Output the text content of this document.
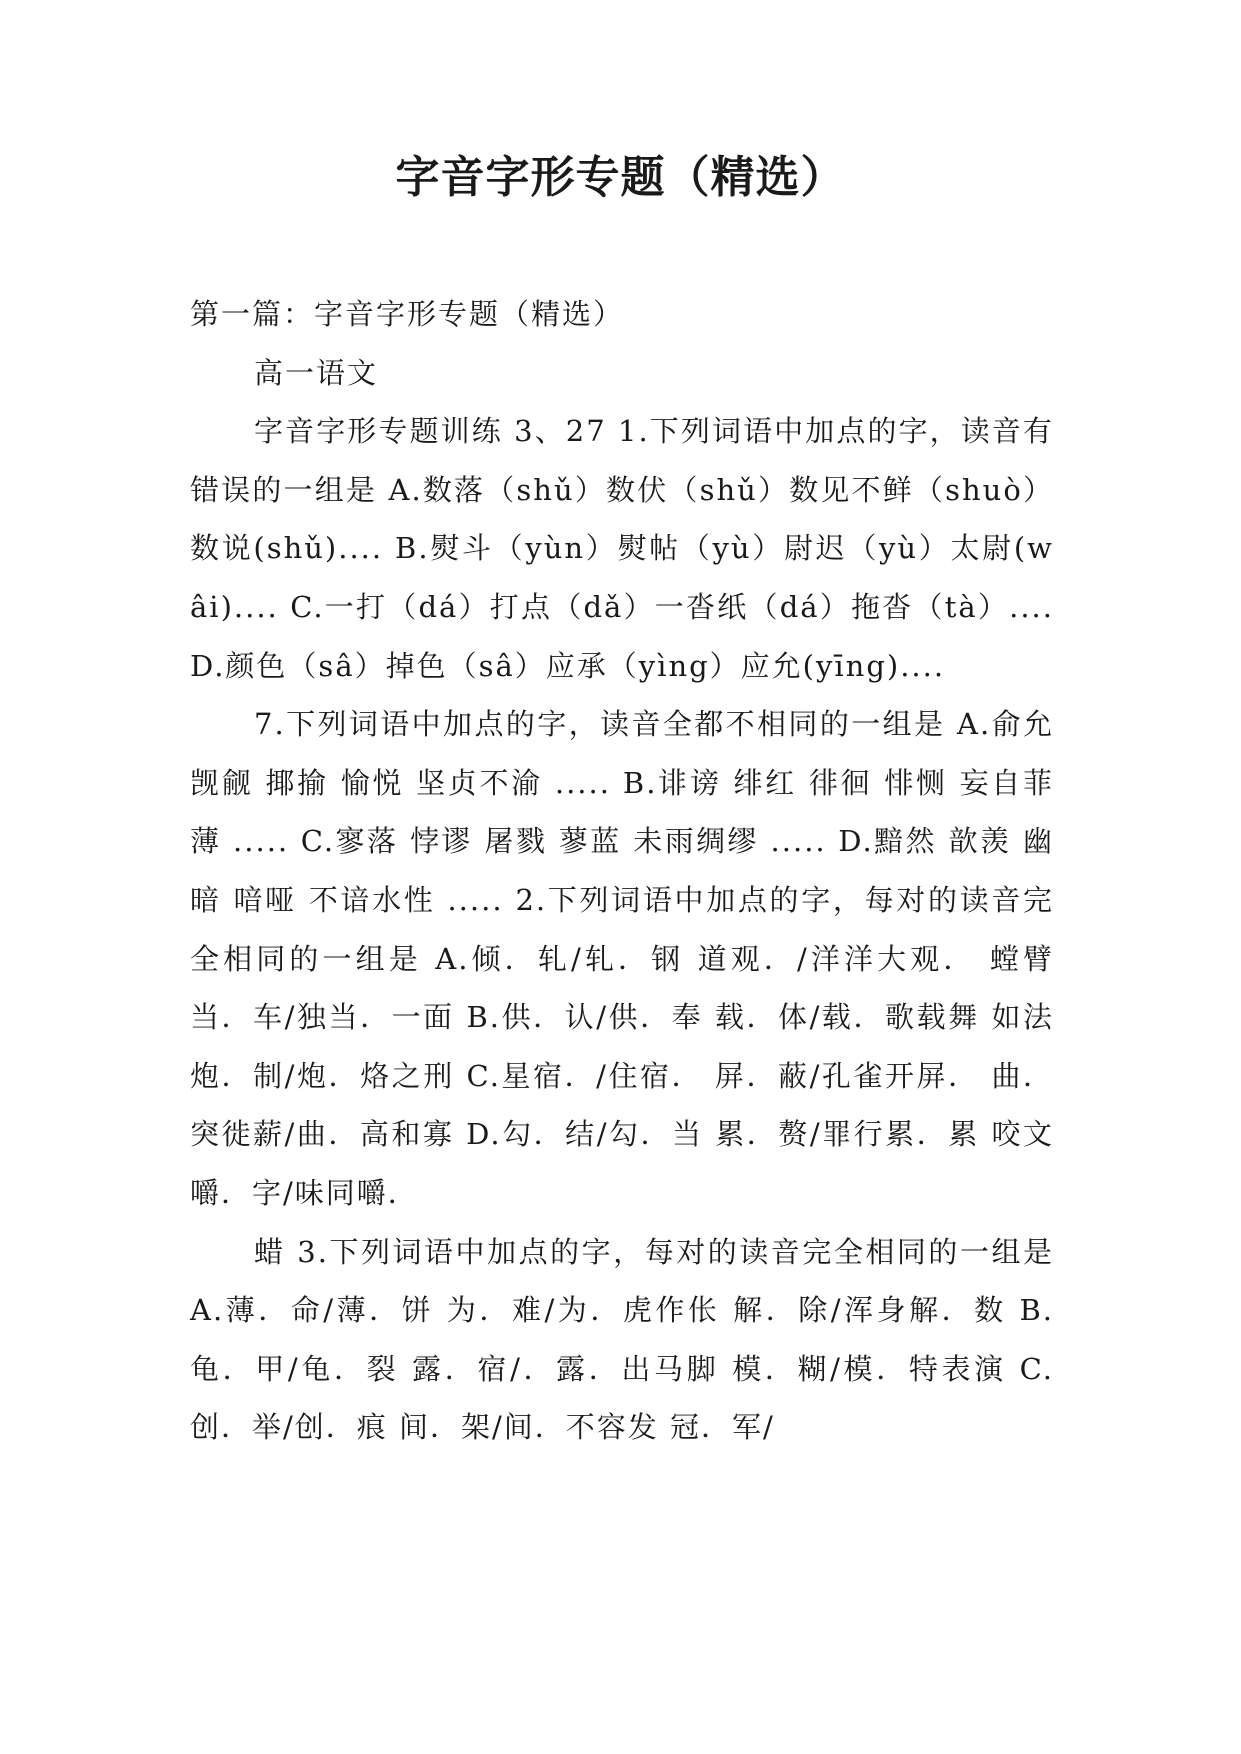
字音字形专题（精选）

第一篇：字音字形专题（精选）

高一语文

字音字形专题训练 3、27 1.下列词语中加点的字，读音有错误的一组是 A.数落（shǔ）数伏（shǔ）数见不鲜（shuò）数说(shǔ).... B.熨斗（yùn）熨帖（yù）尉迟（yù）太尉(wâi).... C.一打（dá）打点（dǎ）一沓纸（dá）拖沓（tà）.... D.颜色（sâ）掉色（sâ）应承（yìng）应允(yīng)....

7.下列词语中加点的字，读音全都不相同的一组是 A.俞允 觊觎 揶揄 愉悦 坚贞不渝 ..... B.诽谤 绯红 徘徊 悱恻 妄自菲薄 ..... C.寥落 悖谬 屠戮 蓼蓝 未雨绸缪 ..... D.黯然 歆羡 幽暗 喑哑 不谙水性 ..... 2.下列词语中加点的字，每对的读音完全相同的一组是 A.倾．轧/轧．钢 道观．/洋洋大观． 螳臂当．车/独当．一面 B.供．认/供．奉 载．体/载．歌载舞 如法炮．制/炮．烙之刑 C.星宿．/住宿． 屏．蔽/孔雀开屏． 曲．突徙薪/曲．高和寡 D.勾．结/勾．当 累．赘/罪行累．累 咬文嚼．字/味同嚼．

蜡 3.下列词语中加点的字，每对的读音完全相同的一组是 A.薄．命/薄．饼 为．难/为．虎作伥 解．除/浑身解．数 B.龟．甲/龟．裂 露．宿/．露．出马脚 模．糊/模．特表演 C.创．举/创．痕 间．架/间．不容发 冠．军/
